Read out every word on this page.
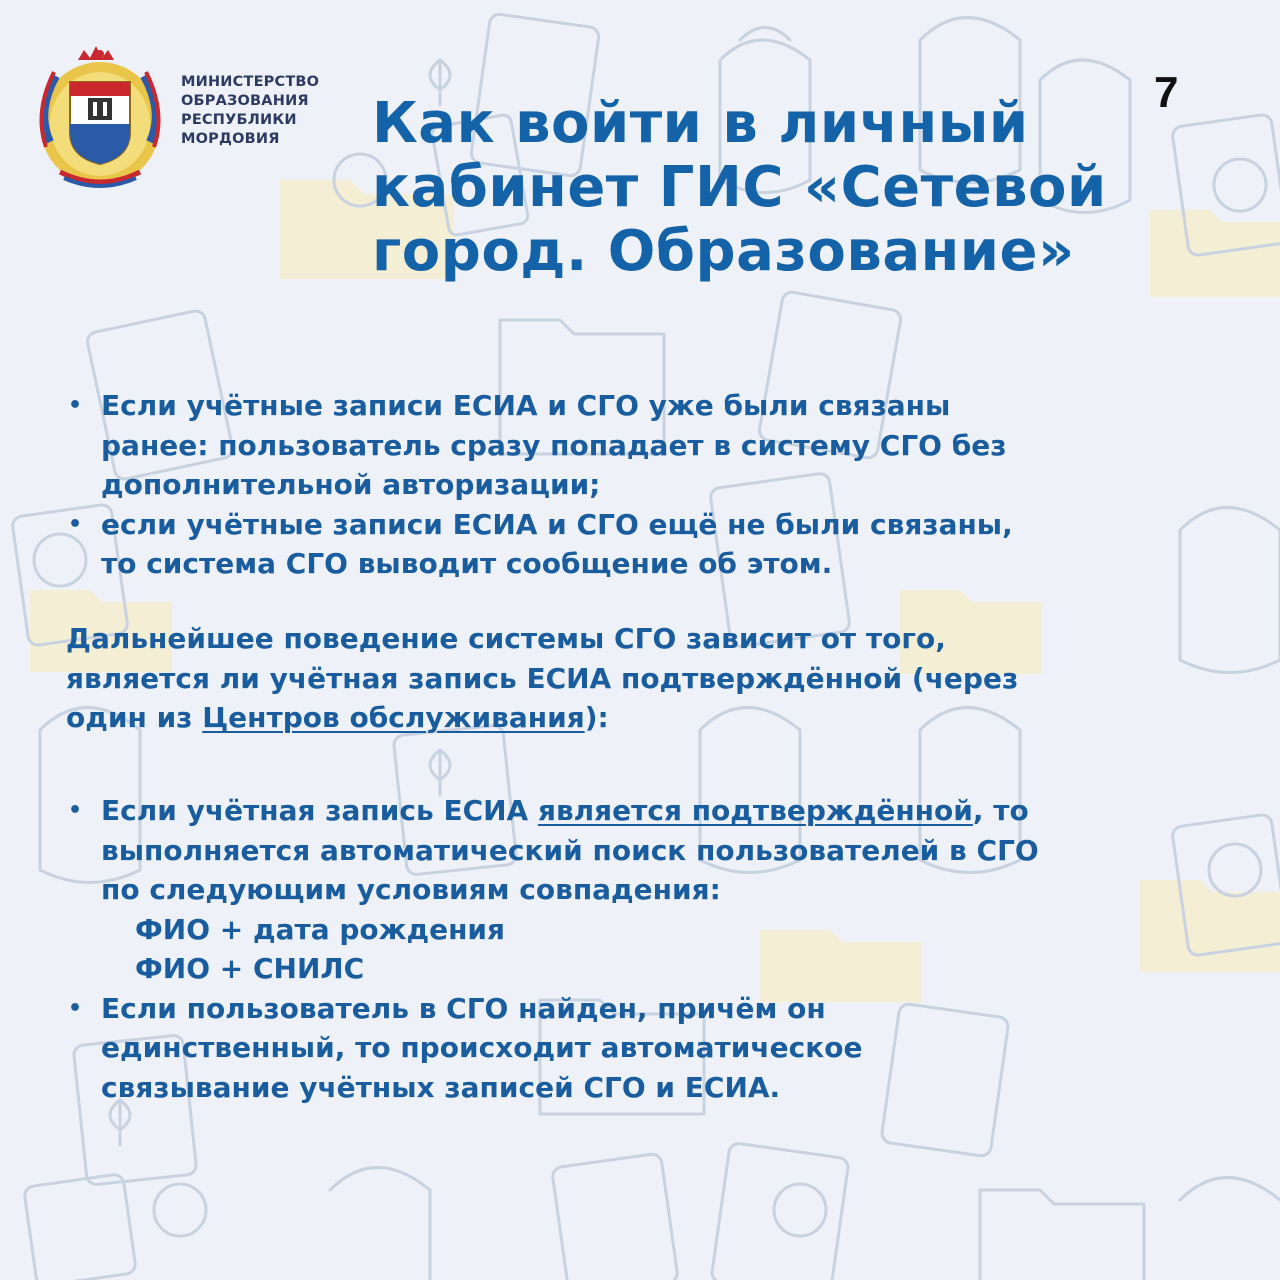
МИНИСТЕРСТВО
ОБРАЗОВАНИЯ
РЕСПУБЛИКИ
МОРДОВИЯ
7
Как войти в личный
кабинет ГИС «Сетевой
город. Образование»
• Если учётные записи ЕСИА и СГО уже были связаны
ранее: пользователь сразу попадает в систему СГО без
дополнительной авторизации;
• если учётные записи ЕСИА и СГО ещё не были связаны,
то система СГО выводит сообщение об этом.
Дальнейшее поведение системы СГО зависит от того,
является ли учётная запись ЕСИА подтверждённой (через
один из Центров обслуживания):
• Если учётная запись ЕСИА является подтверждённой, то
выполняется автоматический поиск пользователей в СГО
по следующим условиям совпадения:
ФИО + дата рождения
ФИО + СНИЛС
• Если пользователь в СГО найден, причём он
единственный, то происходит автоматическое
связывание учётных записей СГО и ЕСИА.
